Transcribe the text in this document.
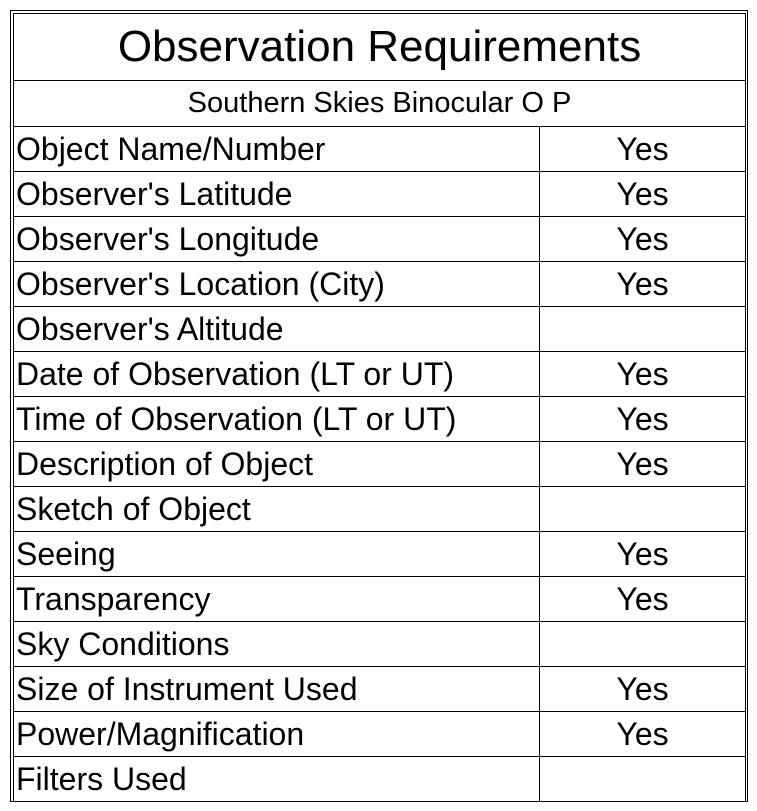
Observation Requirements	
Southern Skies Binocular O P	
Object Name/Number	Yes
Observer's Latitude	Yes
Observer's Longitude	Yes
Observer's Location (City)	Yes
Observer's Altitude	
Date of Observation (LT or UT)	Yes
Time of Observation (LT or UT)	Yes
Description of Object	Yes
Sketch of Object	
Seeing	Yes
Transparency	Yes
Sky Conditions	
Size of Instrument Used	Yes
Power/Magnification	Yes
Filters Used	
